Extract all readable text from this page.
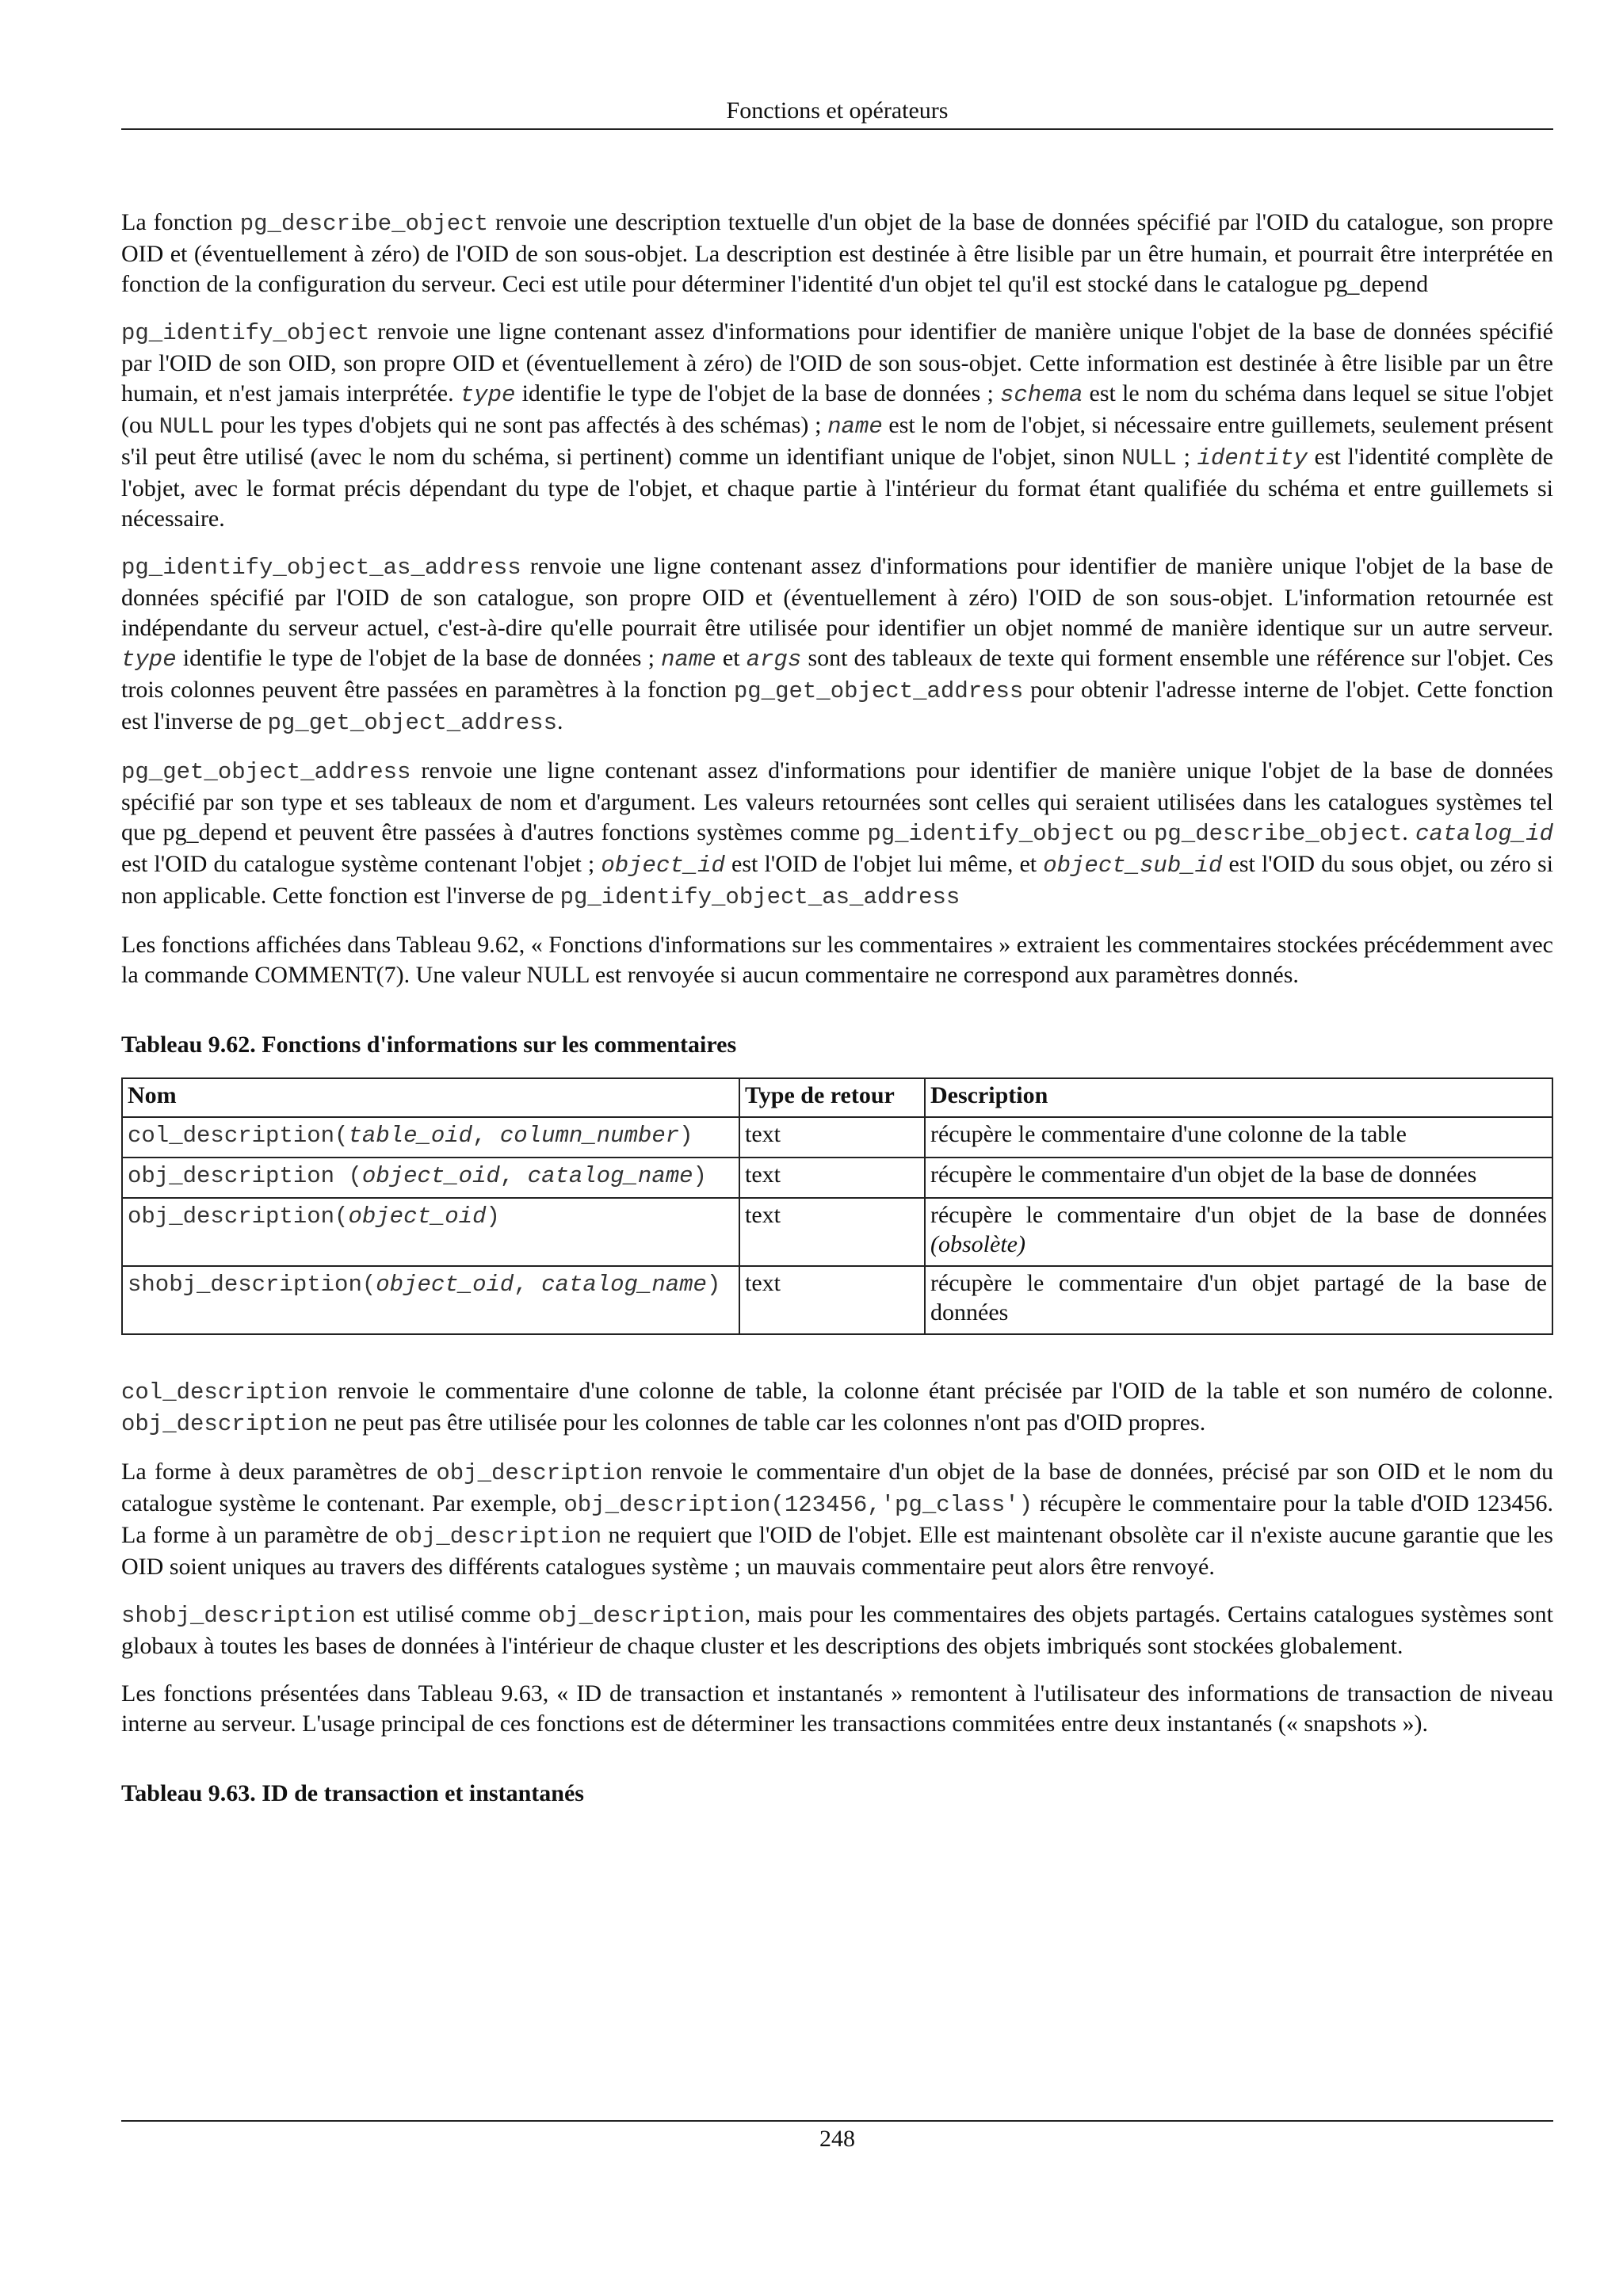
Fonctions et opérateurs

La fonction pg_describe_object renvoie une description textuelle d'un objet de la base de données spécifié par l'OID du catalogue, son propre OID et (éventuellement à zéro) de l'OID de son sous-objet. La description est destinée à être lisible par un être humain, et pourrait être interprétée en fonction de la configuration du serveur. Ceci est utile pour déterminer l'identité d'un objet tel qu'il est stocké dans le catalogue pg_depend

pg_identify_object renvoie une ligne contenant assez d'informations pour identifier de manière unique l'objet de la base de données spécifié par l'OID de son OID, son propre OID et (éventuellement à zéro) de l'OID de son sous-objet. Cette information est destinée à être lisible par un être humain, et n'est jamais interprétée. type identifie le type de l'objet de la base de données ; schema est le nom du schéma dans lequel se situe l'objet (ou NULL pour les types d'objets qui ne sont pas affectés à des schémas) ; name est le nom de l'objet, si nécessaire entre guillemets, seulement présent s'il peut être utilisé (avec le nom du schéma, si pertinent) comme un identifiant unique de l'objet, sinon NULL ; identity est l'identité complète de l'objet, avec le format précis dépendant du type de l'objet, et chaque partie à l'intérieur du format étant qualifiée du schéma et entre guillemets si nécessaire.

pg_identify_object_as_address renvoie une ligne contenant assez d'informations pour identifier de manière unique l'objet de la base de données spécifié par l'OID de son catalogue, son propre OID et (éventuellement à zéro) l'OID de son sous-objet. L'information retournée est indépendante du serveur actuel, c'est-à-dire qu'elle pourrait être utilisée pour identifier un objet nommé de manière identique sur un autre serveur. type identifie le type de l'objet de la base de données ; name et args sont des tableaux de texte qui forment ensemble une référence sur l'objet. Ces trois colonnes peuvent être passées en paramètres à la fonction pg_get_object_address pour obtenir l'adresse interne de l'objet. Cette fonction est l'inverse de pg_get_object_address.

pg_get_object_address renvoie une ligne contenant assez d'informations pour identifier de manière unique l'objet de la base de données spécifié par son type et ses tableaux de nom et d'argument. Les valeurs retournées sont celles qui seraient utilisées dans les catalogues systèmes tel que pg_depend et peuvent être passées à d'autres fonctions systèmes comme pg_identify_object ou pg_describe_object. catalog_id est l'OID du catalogue système contenant l'objet ; object_id est l'OID de l'objet lui même, et object_sub_id est l'OID du sous objet, ou zéro si non applicable. Cette fonction est l'inverse de pg_identify_object_as_address

Les fonctions affichées dans Tableau 9.62, « Fonctions d'informations sur les commentaires » extraient les commentaires stockées précédemment avec la commande COMMENT(7). Une valeur NULL est renvoyée si aucun commentaire ne correspond aux paramètres donnés.

Tableau 9.62. Fonctions d'informations sur les commentaires
Nom	Type de retour	Description
col_description(table_oid, column_number)	text	récupère le commentaire d'une colonne de la table
obj_description (object_oid, catalog_name)	text	récupère le commentaire d'un objet de la base de données
obj_description(object_oid)	text	récupère le commentaire d'un objet de la base de données (obsolète)
shobj_description(object_oid, catalog_name)	text	récupère le commentaire d'un objet partagé de la base de données

col_description renvoie le commentaire d'une colonne de table, la colonne étant précisée par l'OID de la table et son numéro de colonne. obj_description ne peut pas être utilisée pour les colonnes de table car les colonnes n'ont pas d'OID propres.

La forme à deux paramètres de obj_description renvoie le commentaire d'un objet de la base de données, précisé par son OID et le nom du catalogue système le contenant. Par exemple, obj_description(123456,'pg_class') récupère le commentaire pour la table d'OID 123456. La forme à un paramètre de obj_description ne requiert que l'OID de l'objet. Elle est maintenant obsolète car il n'existe aucune garantie que les OID soient uniques au travers des différents catalogues système ; un mauvais commentaire peut alors être renvoyé.

shobj_description est utilisé comme obj_description, mais pour les commentaires des objets partagés. Certains catalogues systèmes sont globaux à toutes les bases de données à l'intérieur de chaque cluster et les descriptions des objets imbriqués sont stockées globalement.

Les fonctions présentées dans Tableau 9.63, « ID de transaction et instantanés » remontent à l'utilisateur des informations de transaction de niveau interne au serveur. L'usage principal de ces fonctions est de déterminer les transactions commitées entre deux instantanés (« snapshots »).

Tableau 9.63. ID de transaction et instantanés
248
